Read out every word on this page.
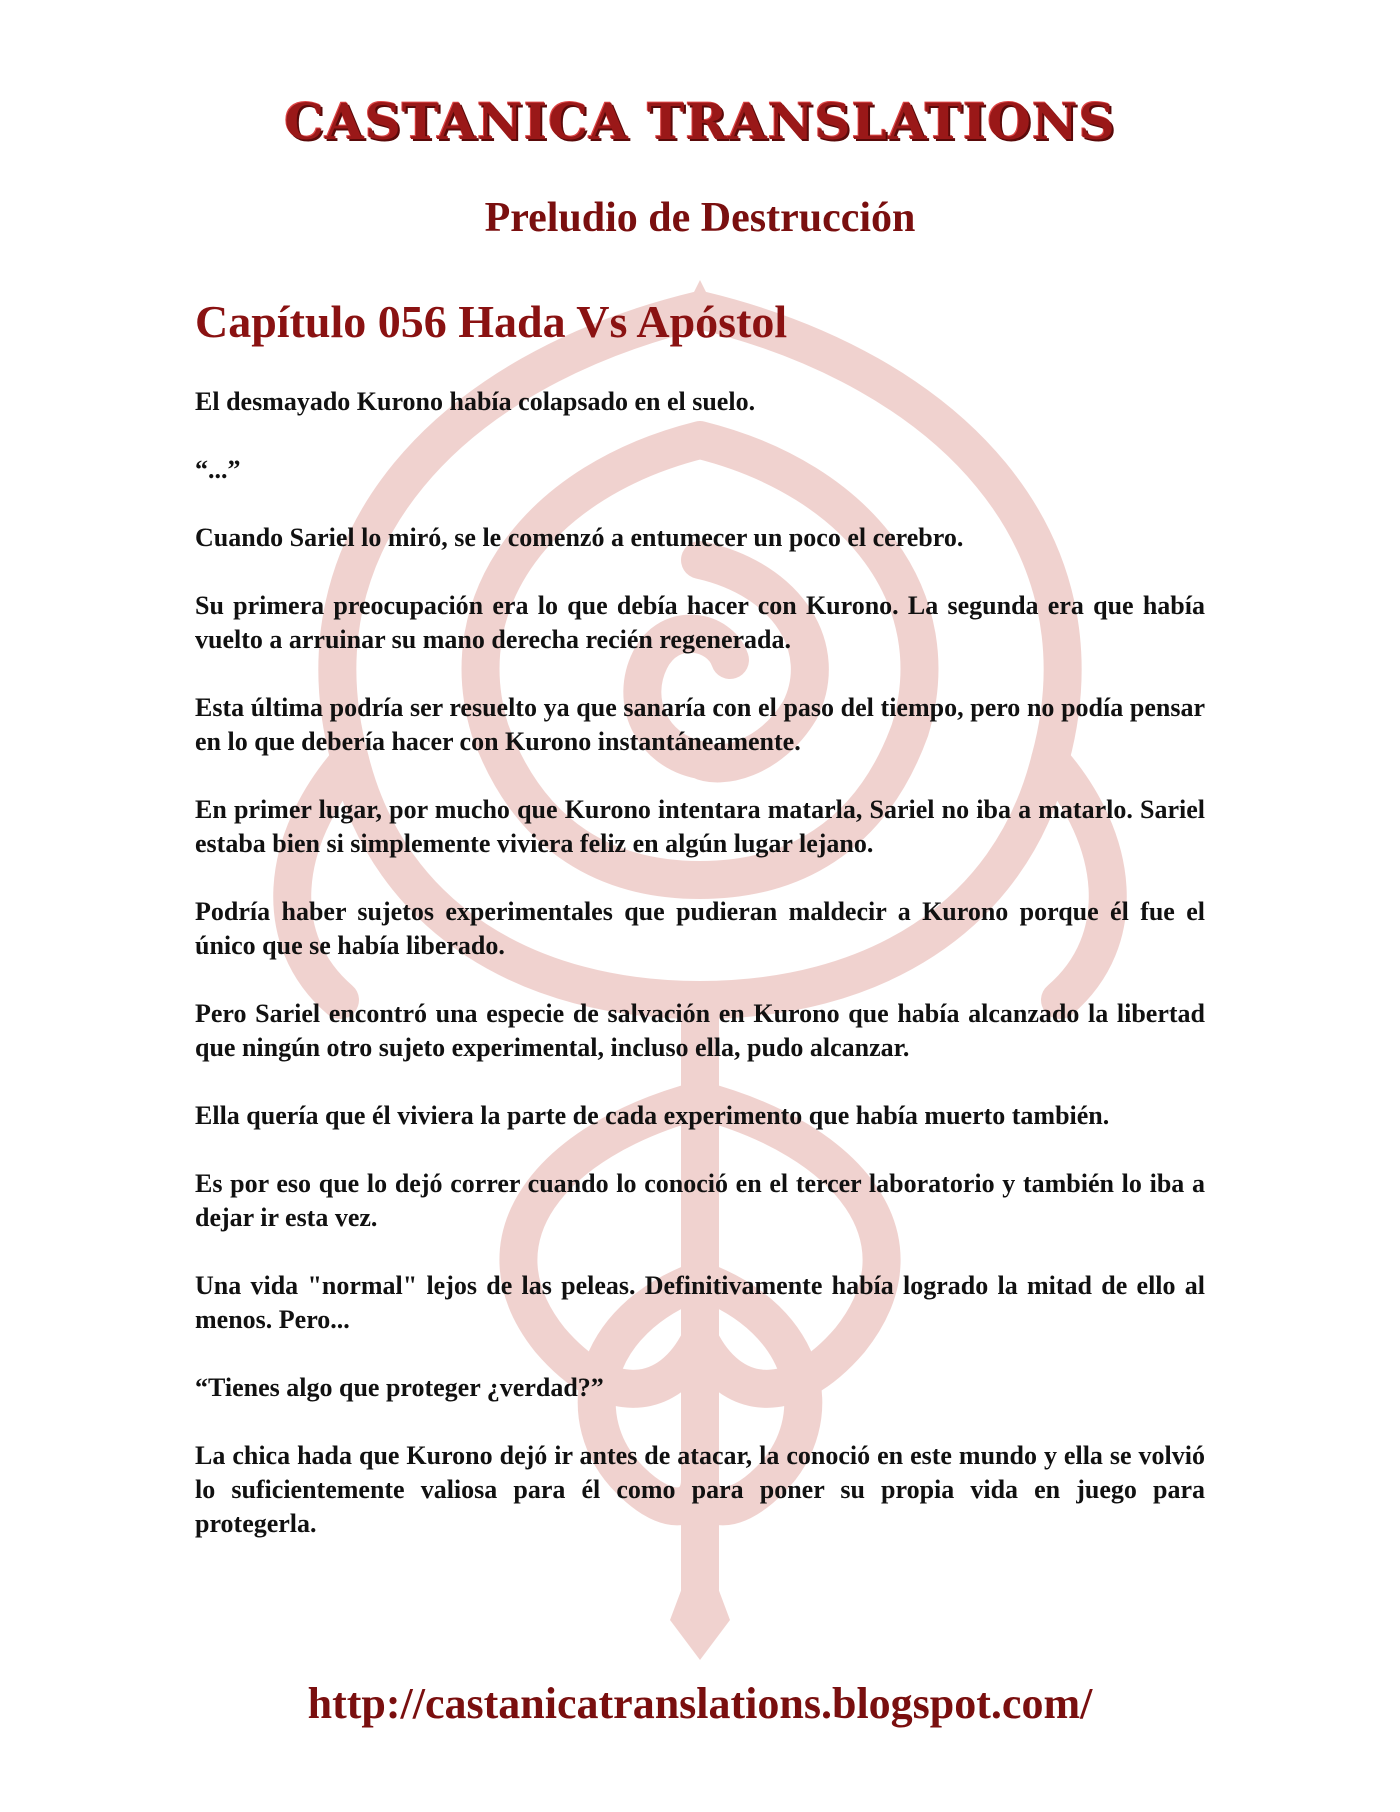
CASTANICA TRANSLATIONS
Preludio de Destrucción
Capítulo 056 Hada Vs Apóstol

El desmayado Kurono había colapsado en el suelo.

“...”

Cuando Sariel lo miró, se le comenzó a entumecer un poco el cerebro.

Su primera preocupación era lo que debía hacer con Kurono. La segunda era que había vuelto a arruinar su mano derecha recién regenerada.

Esta última podría ser resuelto ya que sanaría con el paso del tiempo, pero no podía pensar en lo que debería hacer con Kurono instantáneamente.

En primer lugar, por mucho que Kurono intentara matarla, Sariel no iba a matarlo. Sariel estaba bien si simplemente viviera feliz en algún lugar lejano.

Podría haber sujetos experimentales que pudieran maldecir a Kurono porque él fue el único que se había liberado.

Pero Sariel encontró una especie de salvación en Kurono que había alcanzado la libertad que ningún otro sujeto experimental, incluso ella, pudo alcanzar.

Ella quería que él viviera la parte de cada experimento que había muerto también.

Es por eso que lo dejó correr cuando lo conoció en el tercer laboratorio y también lo iba a dejar ir esta vez.

Una vida "normal" lejos de las peleas. Definitivamente había logrado la mitad de ello al menos. Pero...

“Tienes algo que proteger ¿verdad?”

La chica hada que Kurono dejó ir antes de atacar, la conoció en este mundo y ella se volvió lo suficientemente valiosa para él como para poner su propia vida en juego para protegerla.

http://castanicatranslations.blogspot.com/
